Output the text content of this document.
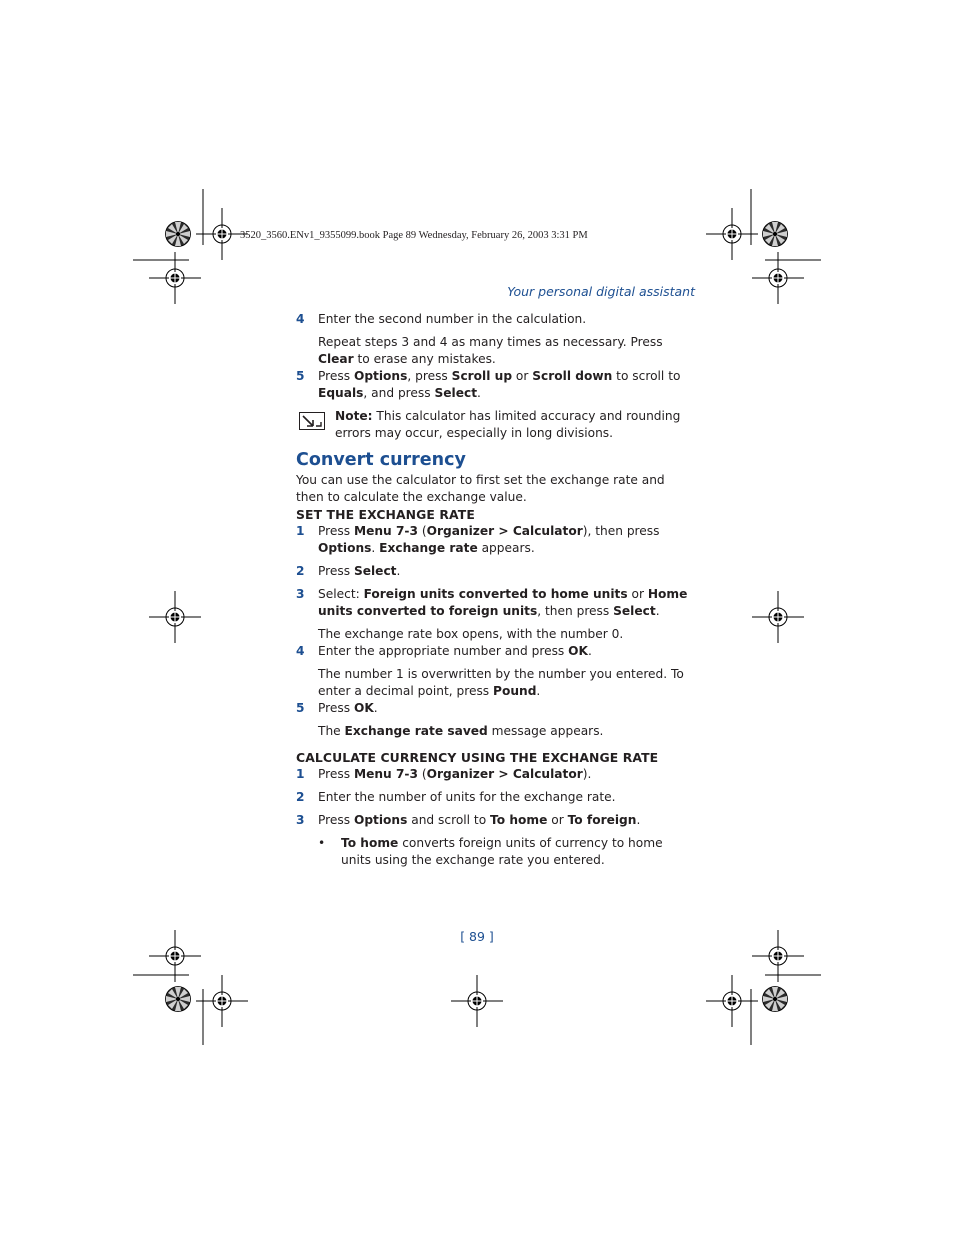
3520_3560.ENv1_9355099.book Page 89 Wednesday, February 26, 2003 3:31 PM
Your personal digital assistant
4 Enter the second number in the calculation.

Repeat steps 3 and 4 as many times as necessary. Press Clear to erase any mistakes.

5 Press Options, press Scroll up or Scroll down to scroll to Equals, and press Select.
Note: This calculator has limited accuracy and rounding errors may occur, especially in long divisions.
Convert currency

You can use the calculator to first set the exchange rate and then to calculate the exchange value.

SET THE EXCHANGE RATE
1 Press Menu 7-3 (Organizer > Calculator), then press Options. Exchange rate appears.
2 Press Select.
3 Select: Foreign units converted to home units or Home units converted to foreign units, then press Select.

The exchange rate box opens, with the number 0.

4 Enter the appropriate number and press OK.

The number 1 is overwritten by the number you entered. To enter a decimal point, press Pound.

5 Press OK.

The Exchange rate saved message appears.

CALCULATE CURRENCY USING THE EXCHANGE RATE
1 Press Menu 7-3 (Organizer > Calculator).
2 Enter the number of units for the exchange rate.
3 Press Options and scroll to To home or To foreign.
• To home converts foreign units of currency to home units using the exchange rate you entered.
[ 89 ]
